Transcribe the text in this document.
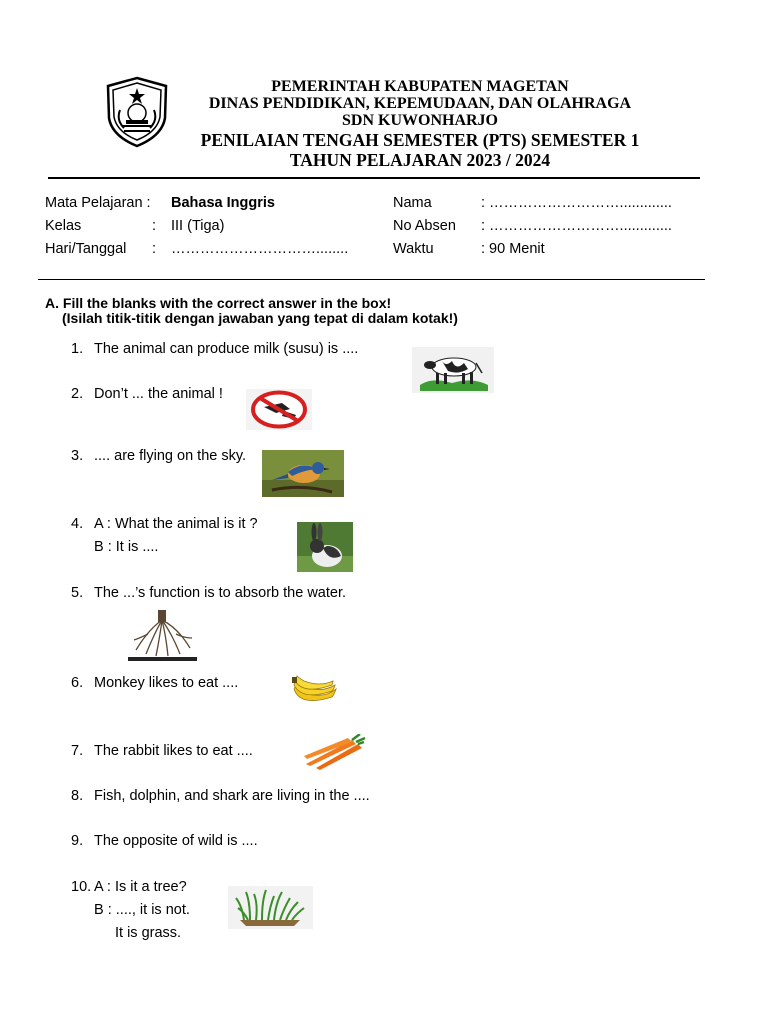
PEMERINTAH KABUPATEN MAGETAN
DINAS PENDIDIKAN, KEPEMUDAAN, DAN OLAHRAGA
SDN KUWONHARJO
PENILAIAN TENGAH SEMESTER (PTS) SEMESTER 1
TAHUN PELAJARAN 2023 / 2024
Mata Pelajaran : Bahasa Inggris
Kelas	: III (Tiga)
Hari/Tanggal : …………………………........
Nama	: ……………………….............
No Absen : ……………………….............
Waktu	: 90 Menit
A. Fill the blanks with the correct answer in the box!
(Isilah titik-titik dengan jawaban yang tepat di dalam kotak!)
1. The animal can produce milk (susu) is ....
2. Don’t ... the animal !
3. .... are flying on the sky.
4. A : What the animal is it ?
B : It is ....
5. The ...’s function is to absorb the water.
6. Monkey likes to eat ....
7. The rabbit likes to eat ....
8. Fish, dolphin, and shark are living in the ....
9. The opposite of wild is ....
10. A : Is it a tree?
B : ...., it is not.
It is grass.
